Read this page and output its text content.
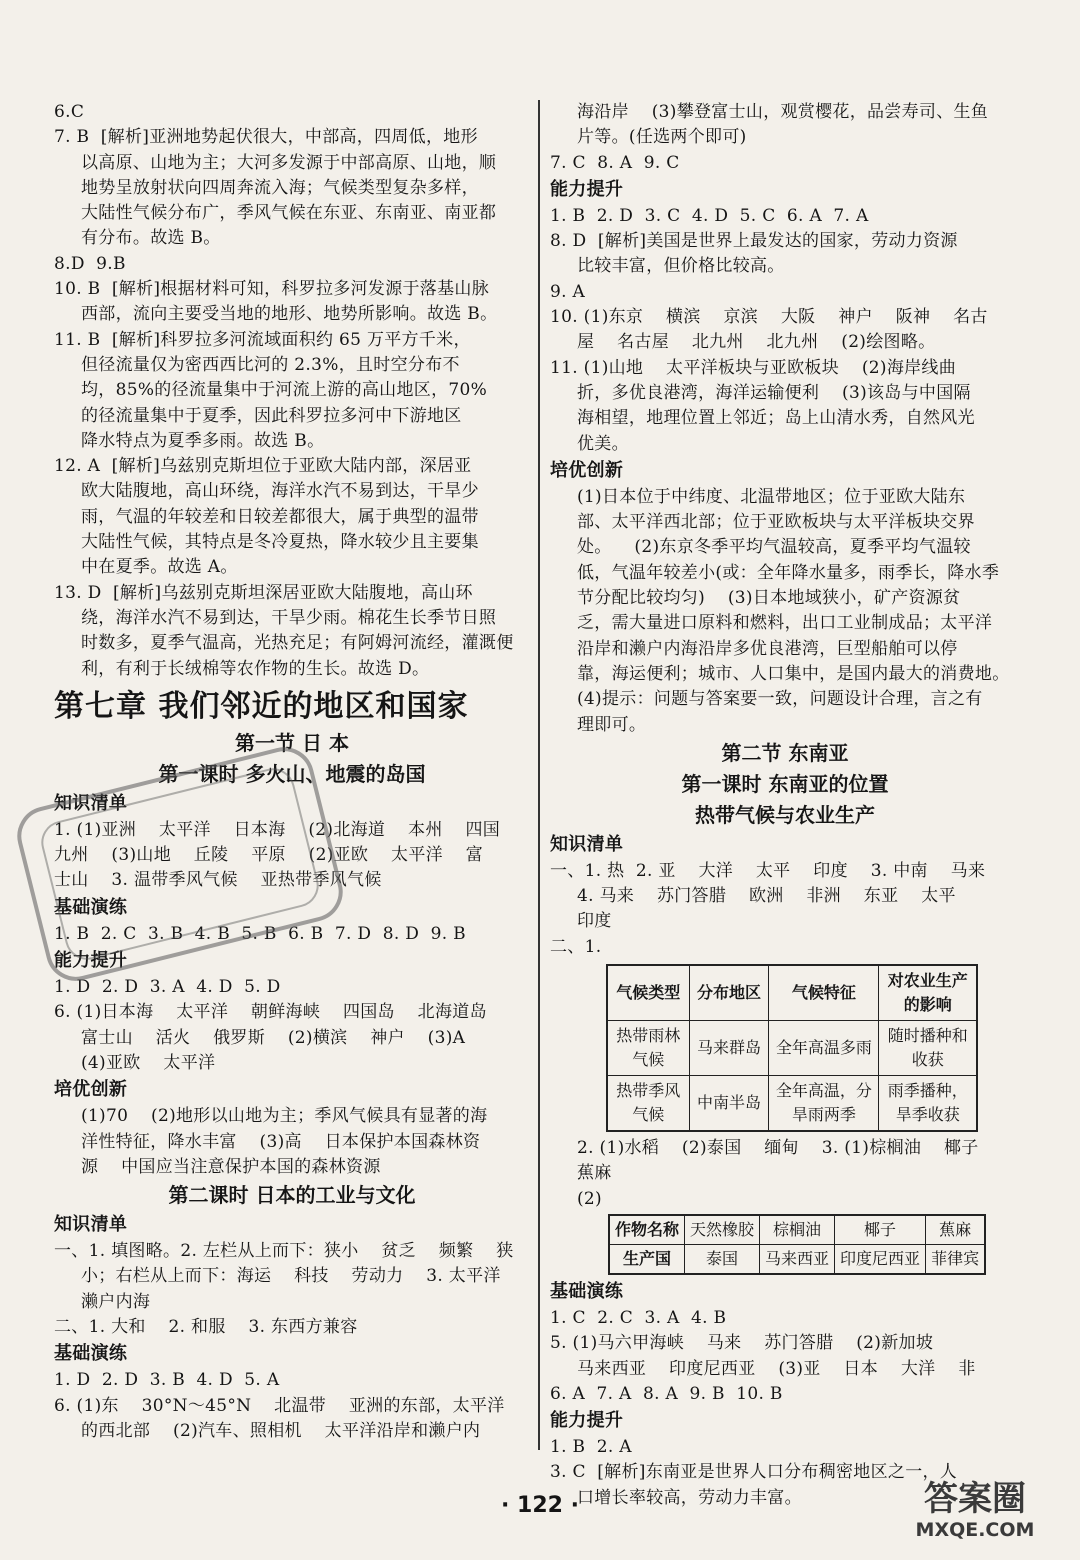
6.C

7. B  [解析]亚洲地势起伏很大，中部高，四周低，地形

以高原、山地为主；大河多发源于中部高原、山地，顺

地势呈放射状向四周奔流入海；气候类型复杂多样，

大陆性气候分布广，季风气候在东亚、东南亚、南亚都

有分布。故选 B。

8.D  9.B

10. B  [解析]根据材料可知，科罗拉多河发源于落基山脉

西部，流向主要受当地的地形、地势所影响。故选 B。

11. B  [解析]科罗拉多河流域面积约 65 万平方千米，

但径流量仅为密西西比河的 2.3%，且时空分布不

均，85%的径流量集中于河流上游的高山地区，70%

的径流量集中于夏季，因此科罗拉多河中下游地区

降水特点为夏季多雨。故选 B。

12. A  [解析]乌兹别克斯坦位于亚欧大陆内部，深居亚

欧大陆腹地，高山环绕，海洋水汽不易到达，干旱少

雨，气温的年较差和日较差都很大，属于典型的温带

大陆性气候，其特点是冬冷夏热，降水较少且主要集

中在夏季。故选 A。

13. D  [解析]乌兹别克斯坦深居亚欧大陆腹地，高山环

绕，海洋水汽不易到达，干旱少雨。棉花生长季节日照

时数多，夏季气温高，光热充足；有阿姆河流经，灌溉便

利，有利于长绒棉等农作物的生长。故选 D。

第七章 我们邻近的地区和国家
第一节 日 本
第一课时 多火山、地震的岛国

知识清单

1. (1)亚洲    太平洋    日本海    (2)北海道    本州    四国

九州    (3)山地    丘陵    平原    (2)亚欧    太平洋    富

士山    3. 温带季风气候    亚热带季风气候

基础演练

1. B  2. C  3. B  4. B  5. B  6. B  7. D  8. D  9. B

能力提升

1. D  2. D  3. A  4. D  5. D

6. (1)日本海    太平洋    朝鲜海峡    四国岛    北海道岛

富士山    活火    俄罗斯    (2)横滨    神户    (3)A

(4)亚欧    太平洋

培优创新

(1)70    (2)地形以山地为主；季风气候具有显著的海

洋性特征，降水丰富    (3)高    日本保护本国森林资

源    中国应当注意保护本国的森林资源

第二课时 日本的工业与文化

知识清单

一、1. 填图略。2. 左栏从上而下：狭小    贫乏    频繁    狭

小；右栏从上而下：海运    科技    劳动力    3. 太平洋

濑户内海

二、1. 大和    2. 和服    3. 东西方兼容

基础演练

1. D  2. D  3. B  4. D  5. A

6. (1)东    30°N～45°N    北温带    亚洲的东部，太平洋

的西北部    (2)汽车、照相机    太平洋沿岸和濑户内

海沿岸    (3)攀登富士山，观赏樱花，品尝寿司、生鱼

片等。(任选两个即可)

7. C  8. A  9. C

能力提升

1. B  2. D  3. C  4. D  5. C  6. A  7. A

8. D  [解析]美国是世界上最发达的国家，劳动力资源

比较丰富，但价格比较高。

9. A

10. (1)东京    横滨    京滨    大阪    神户    阪神    名古

屋    名古屋    北九州    北九州    (2)绘图略。

11. (1)山地    太平洋板块与亚欧板块    (2)海岸线曲

折，多优良港湾，海洋运输便利    (3)该岛与中国隔

海相望，地理位置上邻近；岛上山清水秀，自然风光

优美。

培优创新

(1)日本位于中纬度、北温带地区；位于亚欧大陆东

部、太平洋西北部；位于亚欧板块与太平洋板块交界

处。    (2)东京冬季平均气温较高，夏季平均气温较

低，气温年较差小(或：全年降水量多，雨季长，降水季

节分配比较均匀)    (3)日本地域狭小，矿产资源贫

乏，需大量进口原料和燃料，出口工业制成品；太平洋

沿岸和濑户内海沿岸多优良港湾，巨型船舶可以停

靠，海运便利；城市、人口集中，是国内最大的消费地。

(4)提示：问题与答案要一致，问题设计合理，言之有

理即可。

第二节 东南亚
第一课时 东南亚的位置
热带气候与农业生产

知识清单

一、1. 热  2. 亚    大洋    太平    印度    3. 中南    马来

4. 马来    苏门答腊    欧洲    非洲    东亚    太平

印度

二、1.

气候类型	分布地区	气候特征	对农业生产的影响
热带雨林气候	马来群岛	全年高温多雨	随时播种和收获
热带季风气候	中南半岛	全年高温，分旱雨两季	雨季播种，旱季收获

2. (1)水稻    (2)泰国    缅甸    3. (1)棕榈油    椰子

蕉麻

(2)

作物名称	天然橡胶	棕榈油	椰子	蕉麻
生产国	泰国	马来西亚	印度尼西亚	菲律宾

基础演练

1. C  2. C  3. A  4. B

5. (1)马六甲海峡    马来    苏门答腊    (2)新加坡

马来西亚    印度尼西亚    (3)亚    日本    大洋    非

6. A  7. A  8. A  9. B  10. B

能力提升

1. B  2. A

3. C  [解析]东南亚是世界人口分布稠密地区之一，人

口增长率较高，劳动力丰富。

· 122 ·	答案圈
MXQE.COM
